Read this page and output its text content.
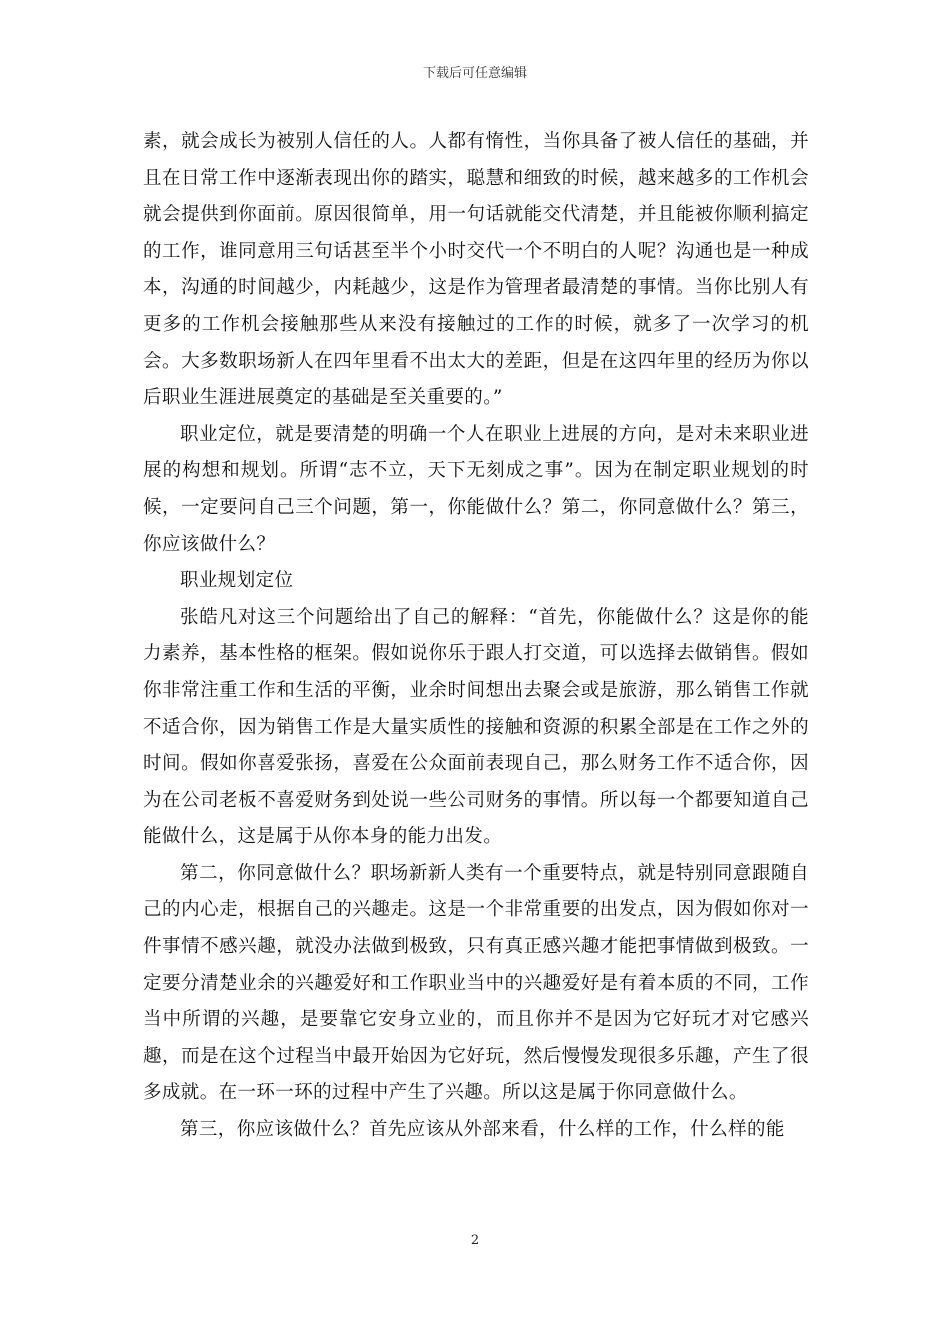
下载后可任意编辑

素，就会成长为被别人信任的人。人都有惰性，当你具备了被人信任的基础，并且在日常工作中逐渐表现出你的踏实，聪慧和细致的时候，越来越多的工作机会就会提供到你面前。原因很简单，用一句话就能交代清楚，并且能被你顺利搞定的工作，谁同意用三句话甚至半个小时交代一个不明白的人呢？沟通也是一种成本，沟通的时间越少，内耗越少，这是作为管理者最清楚的事情。当你比别人有更多的工作机会接触那些从来没有接触过的工作的时候，就多了一次学习的机会。大多数职场新人在四年里看不出太大的差距，但是在这四年里的经历为你以后职业生涯进展奠定的基础是至关重要的。”

职业定位，就是要清楚的明确一个人在职业上进展的方向，是对未来职业进展的构想和规划。所谓“志不立，天下无刻成之事”。因为在制定职业规划的时候，一定要问自己三个问题，第一，你能做什么？第二，你同意做什么？第三，你应该做什么？

职业规划定位

张皓凡对这三个问题给出了自己的解释：“首先，你能做什么？这是你的能力素养，基本性格的框架。假如说你乐于跟人打交道，可以选择去做销售。假如你非常注重工作和生活的平衡，业余时间想出去聚会或是旅游，那么销售工作就不适合你，因为销售工作是大量实质性的接触和资源的积累全部是在工作之外的时间。假如你喜爱张扬，喜爱在公众面前表现自己，那么财务工作不适合你，因为在公司老板不喜爱财务到处说一些公司财务的事情。所以每一个都要知道自己能做什么，这是属于从你本身的能力出发。

第二，你同意做什么？职场新新人类有一个重要特点，就是特别同意跟随自己的内心走，根据自己的兴趣走。这是一个非常重要的出发点，因为假如你对一件事情不感兴趣，就没办法做到极致，只有真正感兴趣才能把事情做到极致。一定要分清楚业余的兴趣爱好和工作职业当中的兴趣爱好是有着本质的不同，工作当中所谓的兴趣，是要靠它安身立业的，而且你并不是因为它好玩才对它感兴趣，而是在这个过程当中最开始因为它好玩，然后慢慢发现很多乐趣，产生了很多成就。在一环一环的过程中产生了兴趣。所以这是属于你同意做什么。

第三，你应该做什么？首先应该从外部来看，什么样的工作，什么样的能

2
